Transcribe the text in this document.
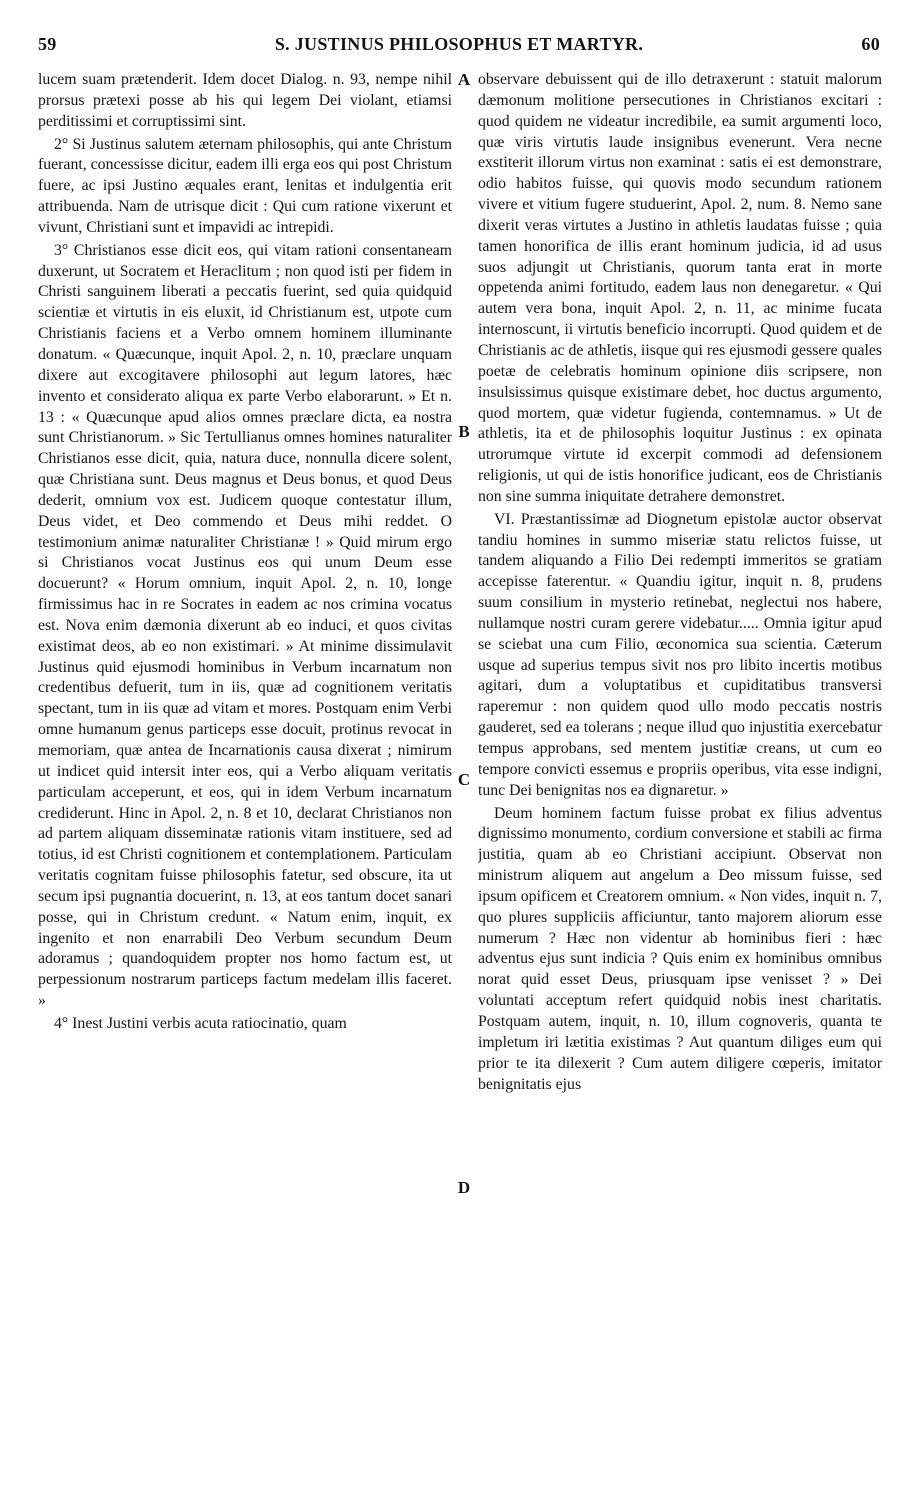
59	S. JUSTINUS PHILOSOPHUS ET MARTYR.	60

lucem suam prætenderit. Idem docet Dialog. n. 93, nempe nihil prorsus prætexi posse ab his qui legem Dei violant, etiamsi perditissimi et corruptissimi sint.

2° Si Justinus salutem æternam philosophis, qui ante Christum fuerant, concessisse dicitur, eadem illi erga eos qui post Christum fuere, ac ipsi Justino æquales erant, lenitas et indulgentia erit attribuenda. Nam de utrisque dicit : Qui cum ratione vixerunt et vivunt, Christiani sunt et impavidi ac intrepidi.

3° Christianos esse dicit eos, qui vitam rationi consentaneam duxerunt, ut Socratem et Heraclitum ; non quod isti per fidem in Christi sanguinem liberati a peccatis fuerint, sed quia quidquid scientiæ et virtutis in eis eluxit, id Christianum est, utpote cum Christianis faciens et a Verbo omnem hominem illuminante donatum. « Quæcunque, inquit Apol. 2, n. 10, præclare unquam dixere aut excogitavere philosophi aut legum latores, hæc invento et considerato aliqua ex parte Verbo elaborarunt. » Et n. 13 : « Quæcunque apud alios omnes præclare dicta, ea nostra sunt Christianorum. » Sic Tertullianus omnes homines naturaliter Christianos esse dicit, quia, natura duce, nonnulla dicere solent, quæ Christiana sunt. Deus magnus et Deus bonus, et quod Deus dederit, omnium vox est. Judicem quoque contestatur illum, Deus videt, et Deo commendo et Deus mihi reddet. O testimonium animæ naturaliter Christianæ ! » Quid mirum ergo si Christianos vocat Justinus eos qui unum Deum esse docuerunt? « Horum omnium, inquit Apol. 2, n. 10, longe firmissimus hac in re Socrates in eadem ac nos crimina vocatus est. Nova enim dæmonia dixerunt ab eo induci, et quos civitas existimat deos, ab eo non existimari. » At minime dissimulavit Justinus quid ejusmodi hominibus in Verbum incarnatum non credentibus defuerit, tum in iis, quæ ad cognitionem veritatis spectant, tum in iis quæ ad vitam et mores. Postquam enim Verbi omne humanum genus particeps esse docuit, protinus revocat in memoriam, quæ antea de Incarnationis causa dixerat ; nimirum ut indicet quid intersit inter eos, qui a Verbo aliquam veritatis particulam acceperunt, et eos, qui in idem Verbum incarnatum crediderunt. Hinc in Apol. 2, n. 8 et 10, declarat Christianos non ad partem aliquam disseminatæ rationis vitam instituere, sed ad totius, id est Christi cognitionem et contemplationem. Particulam veritatis cognitam fuisse philosophis fatetur, sed obscure, ita ut secum ipsi pugnantia docuerint, n. 13, at eos tantum docet sanari posse, qui in Christum credunt. « Natum enim, inquit, ex ingenito et non enarrabili Deo Verbum secundum Deum adoramus ; quandoquidem propter nos homo factum est, ut perpessionum nostrarum particeps factum medelam illis faceret. »

4° Inest Justini verbis acuta ratiocinatio, quam

A
B
C
D

observare debuissent qui de illo detraxerunt : statuit malorum dæmonum molitione persecutiones in Christianos excitari : quod quidem ne videatur incredibile, ea sumit argumenti loco, quæ viris virtutis laude insignibus evenerunt. Vera necne exstiterit illorum virtus non examinat : satis ei est demonstrare, odio habitos fuisse, qui quovis modo secundum rationem vivere et vitium fugere studuerint, Apol. 2, num. 8. Nemo sane dixerit veras virtutes a Justino in athletis laudatas fuisse ; quia tamen honorifica de illis erant hominum judicia, id ad usus suos adjungit ut Christianis, quorum tanta erat in morte oppetenda animi fortitudo, eadem laus non denegaretur. « Qui autem vera bona, inquit Apol. 2, n. 11, ac minime fucata internoscunt, ii virtutis beneficio incorrupti. Quod quidem et de Christianis ac de athletis, iisque qui res ejusmodi gessere quales poetæ de celebratis hominum opinione diis scripsere, non insulsissimus quisque existimare debet, hoc ductus argumento, quod mortem, quæ videtur fugienda, contemnamus. » Ut de athletis, ita et de philosophis loquitur Justinus : ex opinata utrorumque virtute id excerpit commodi ad defensionem religionis, ut qui de istis honorifice judicant, eos de Christianis non sine summa iniquitate detrahere demonstret.

VI. Præstantissimæ ad Diognetum epistolæ auctor observat tandiu homines in summo miseriæ statu relictos fuisse, ut tandem aliquando a Filio Dei redempti immeritos se gratiam accepisse faterentur. « Quandiu igitur, inquit n. 8, prudens suum consilium in mysterio retinebat, neglectui nos habere, nullamque nostri curam gerere videbatur..... Omnia igitur apud se sciebat una cum Filio, œconomica sua scientia. Cæterum usque ad superius tempus sivit nos pro libito incertis motibus agitari, dum a voluptatibus et cupiditatibus transversi raperemur : non quidem quod ullo modo peccatis nostris gauderet, sed ea tolerans ; neque illud quo injustitia exercebatur tempus approbans, sed mentem justitiæ creans, ut cum eo tempore convicti essemus e propriis operibus, vita esse indigni, tunc Dei benignitas nos ea dignaretur. »

Deum hominem factum fuisse probat ex filius adventus dignissimo monumento, cordium conversione et stabili ac firma justitia, quam ab eo Christiani accipiunt. Observat non ministrum aliquem aut angelum a Deo missum fuisse, sed ipsum opificem et Creatorem omnium. « Non vides, inquit n. 7, quo plures suppliciis afficiuntur, tanto majorem aliorum esse numerum ? Hæc non videntur ab hominibus fieri : hæc adventus ejus sunt indicia ? Quis enim ex hominibus omnibus norat quid esset Deus, priusquam ipse venisset ? » Dei voluntati acceptum refert quidquid nobis inest charitatis. Postquam autem, inquit, n. 10, illum cognoveris, quanta te impletum iri lætitia existimas ? Aut quantum diliges eum qui prior te ita dilexerit ? Cum autem diligere cœperis, imitator benignitatis ejus
